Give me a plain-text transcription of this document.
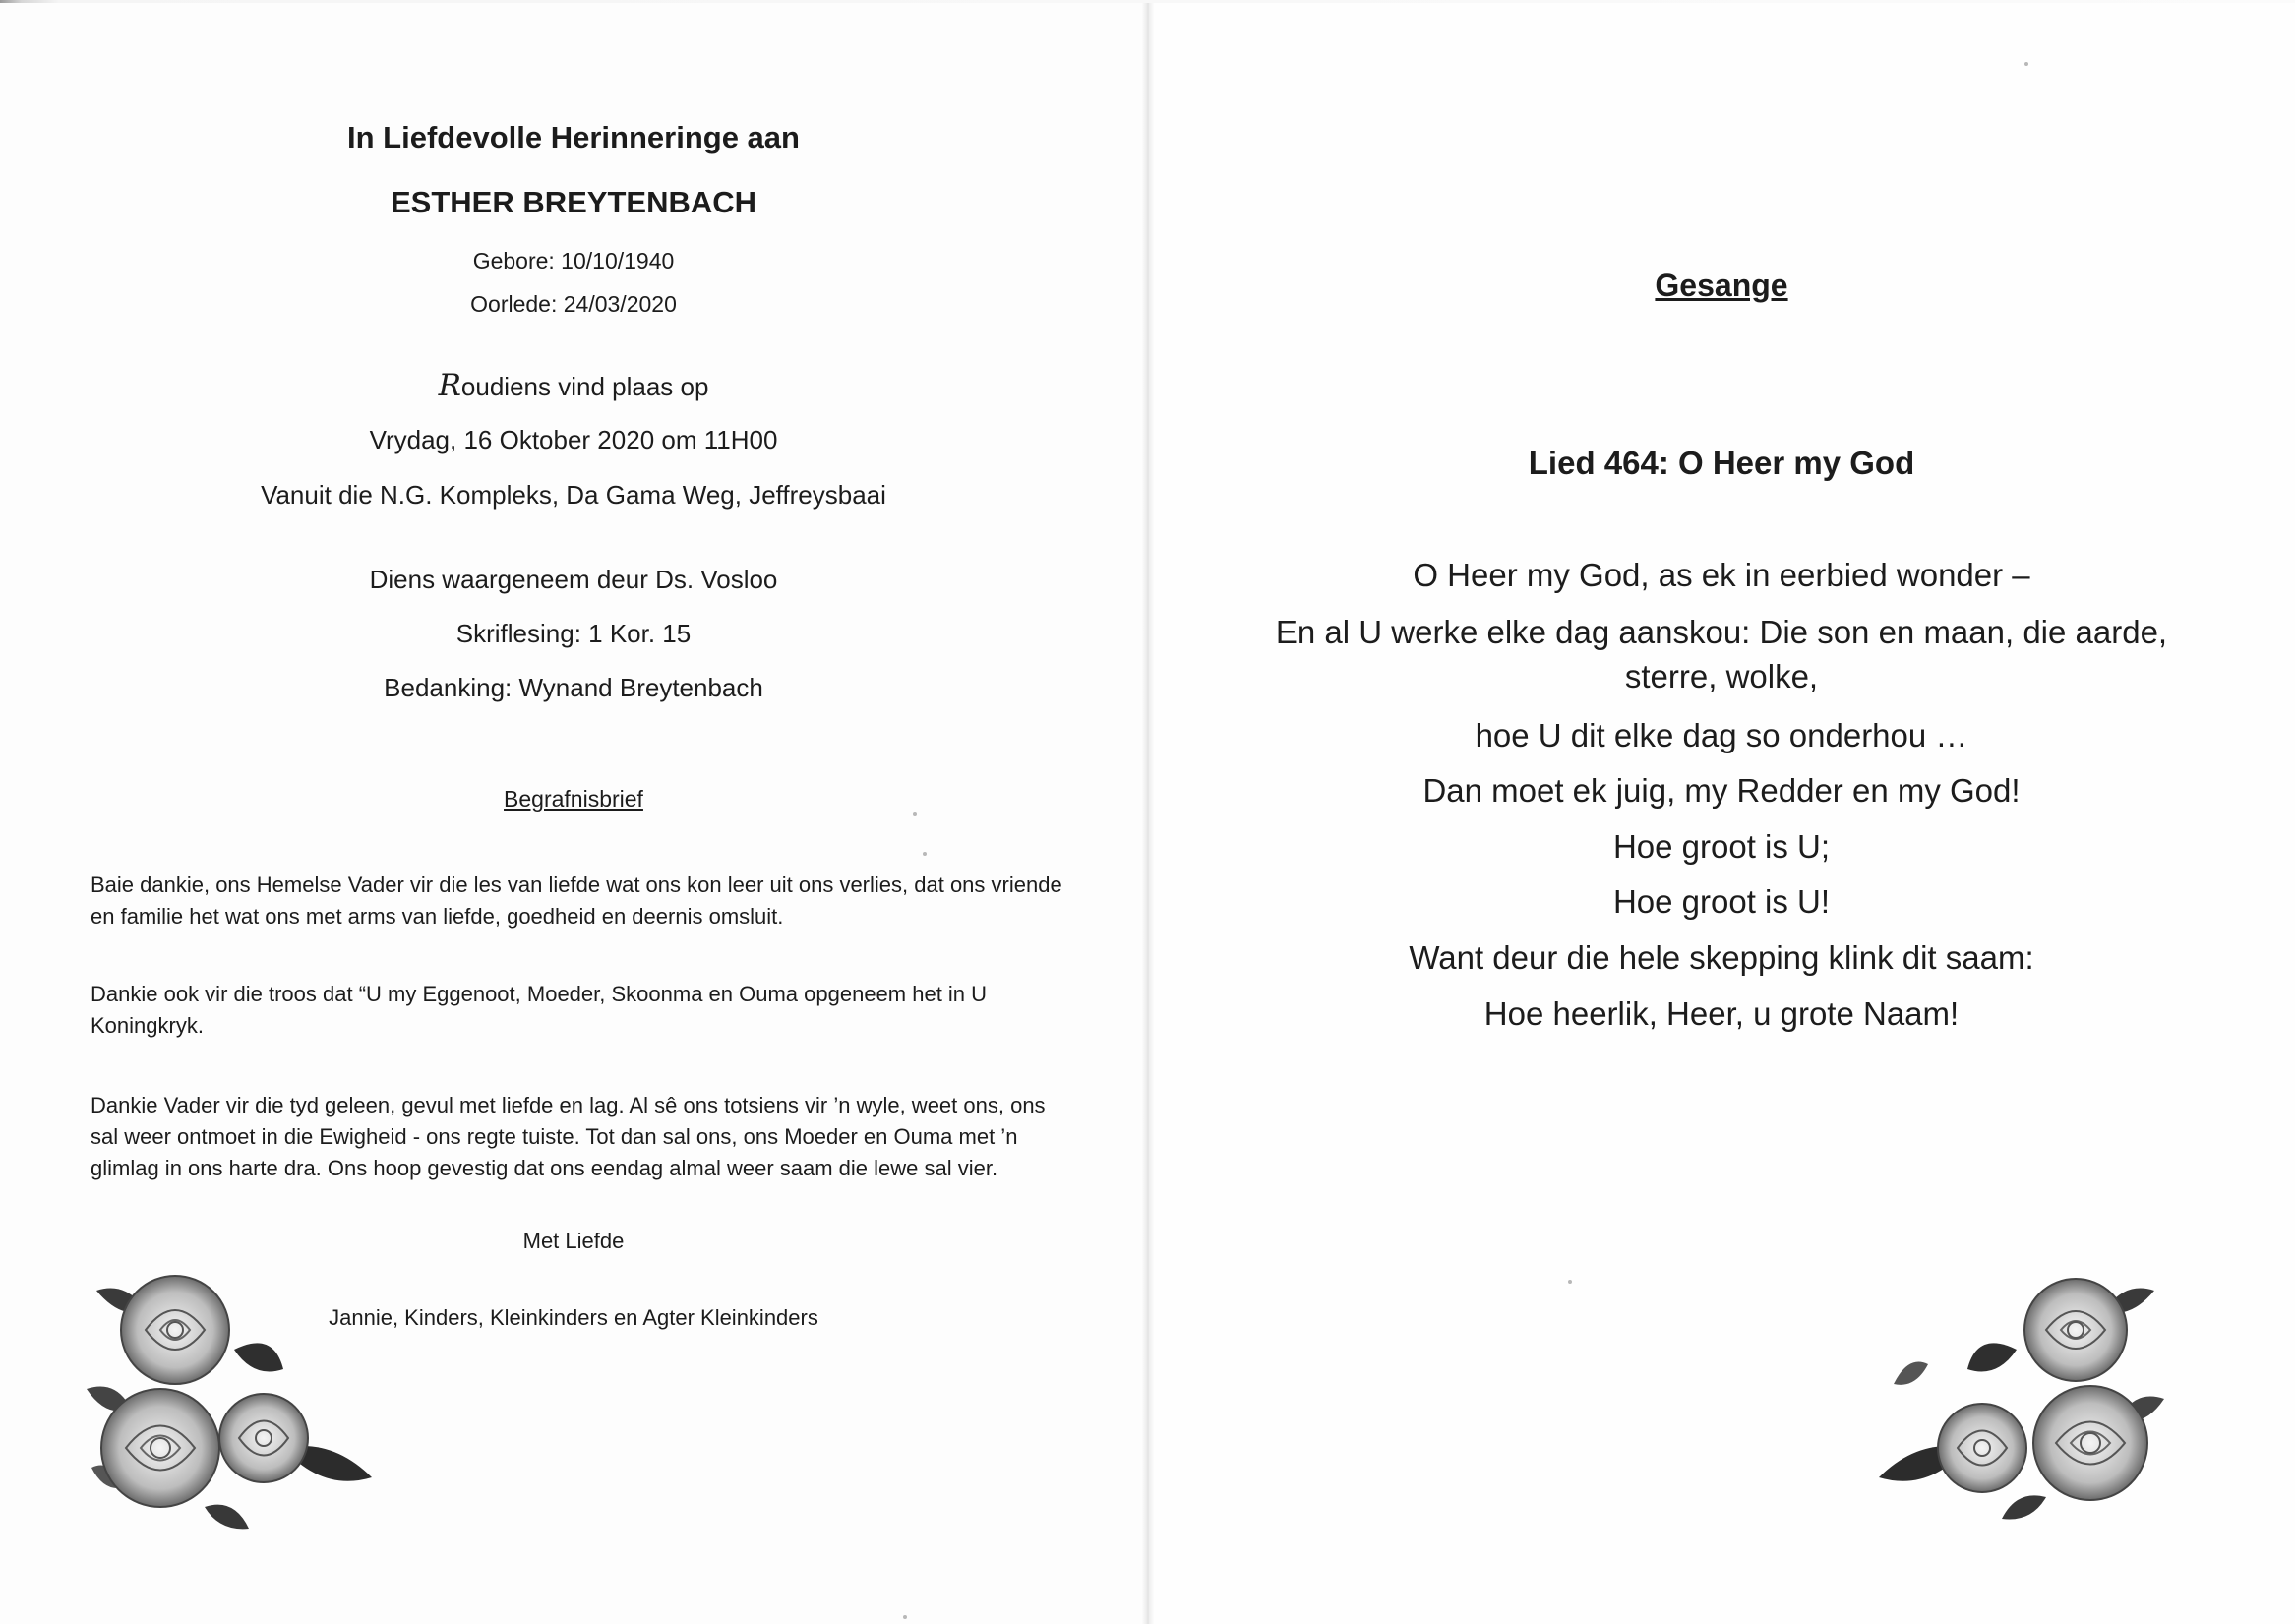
In Liefdevolle Herinneringe aan
ESTHER BREYTENBACH
Gebore: 10/10/1940
Oorlede: 24/03/2020
Roudiens vind plaas op
Vrydag, 16 Oktober 2020 om 11H00
Vanuit die N.G. Kompleks, Da Gama Weg, Jeffreysbaai
Diens waargeneem deur Ds. Vosloo
Skriflesing: 1 Kor. 15
Bedanking: Wynand Breytenbach
Begrafnisbrief
Baie dankie, ons Hemelse Vader vir die les van liefde wat ons kon leer uit ons verlies, dat ons vriende en familie het wat ons met arms van liefde, goedheid en deernis omsluit.
Dankie ook vir die troos dat “U my Eggenoot, Moeder, Skoonma en Ouma opgeneem het in U Koningkryk.
Dankie Vader vir die tyd geleen, gevul met liefde en lag. Al sê ons totsiens vir ’n wyle, weet ons, ons sal weer ontmoet in die Ewigheid - ons regte tuiste. Tot dan sal ons, ons Moeder en Ouma met ’n glimlag in ons harte dra. Ons hoop gevestig dat ons eendag almal weer saam die lewe sal vier.
Met Liefde
Jannie, Kinders, Kleinkinders en Agter Kleinkinders
Gesange
Lied 464: O Heer my God
O Heer my God, as ek in eerbied wonder –
En al U werke elke dag aanskou: Die son en maan, die aarde,
sterre, wolke,
hoe U dit elke dag so onderhou …
Dan moet ek juig, my Redder en my God!
Hoe groot is U;
Hoe groot is U!
Want deur die hele skepping klink dit saam:
Hoe heerlik, Heer, u grote Naam!
